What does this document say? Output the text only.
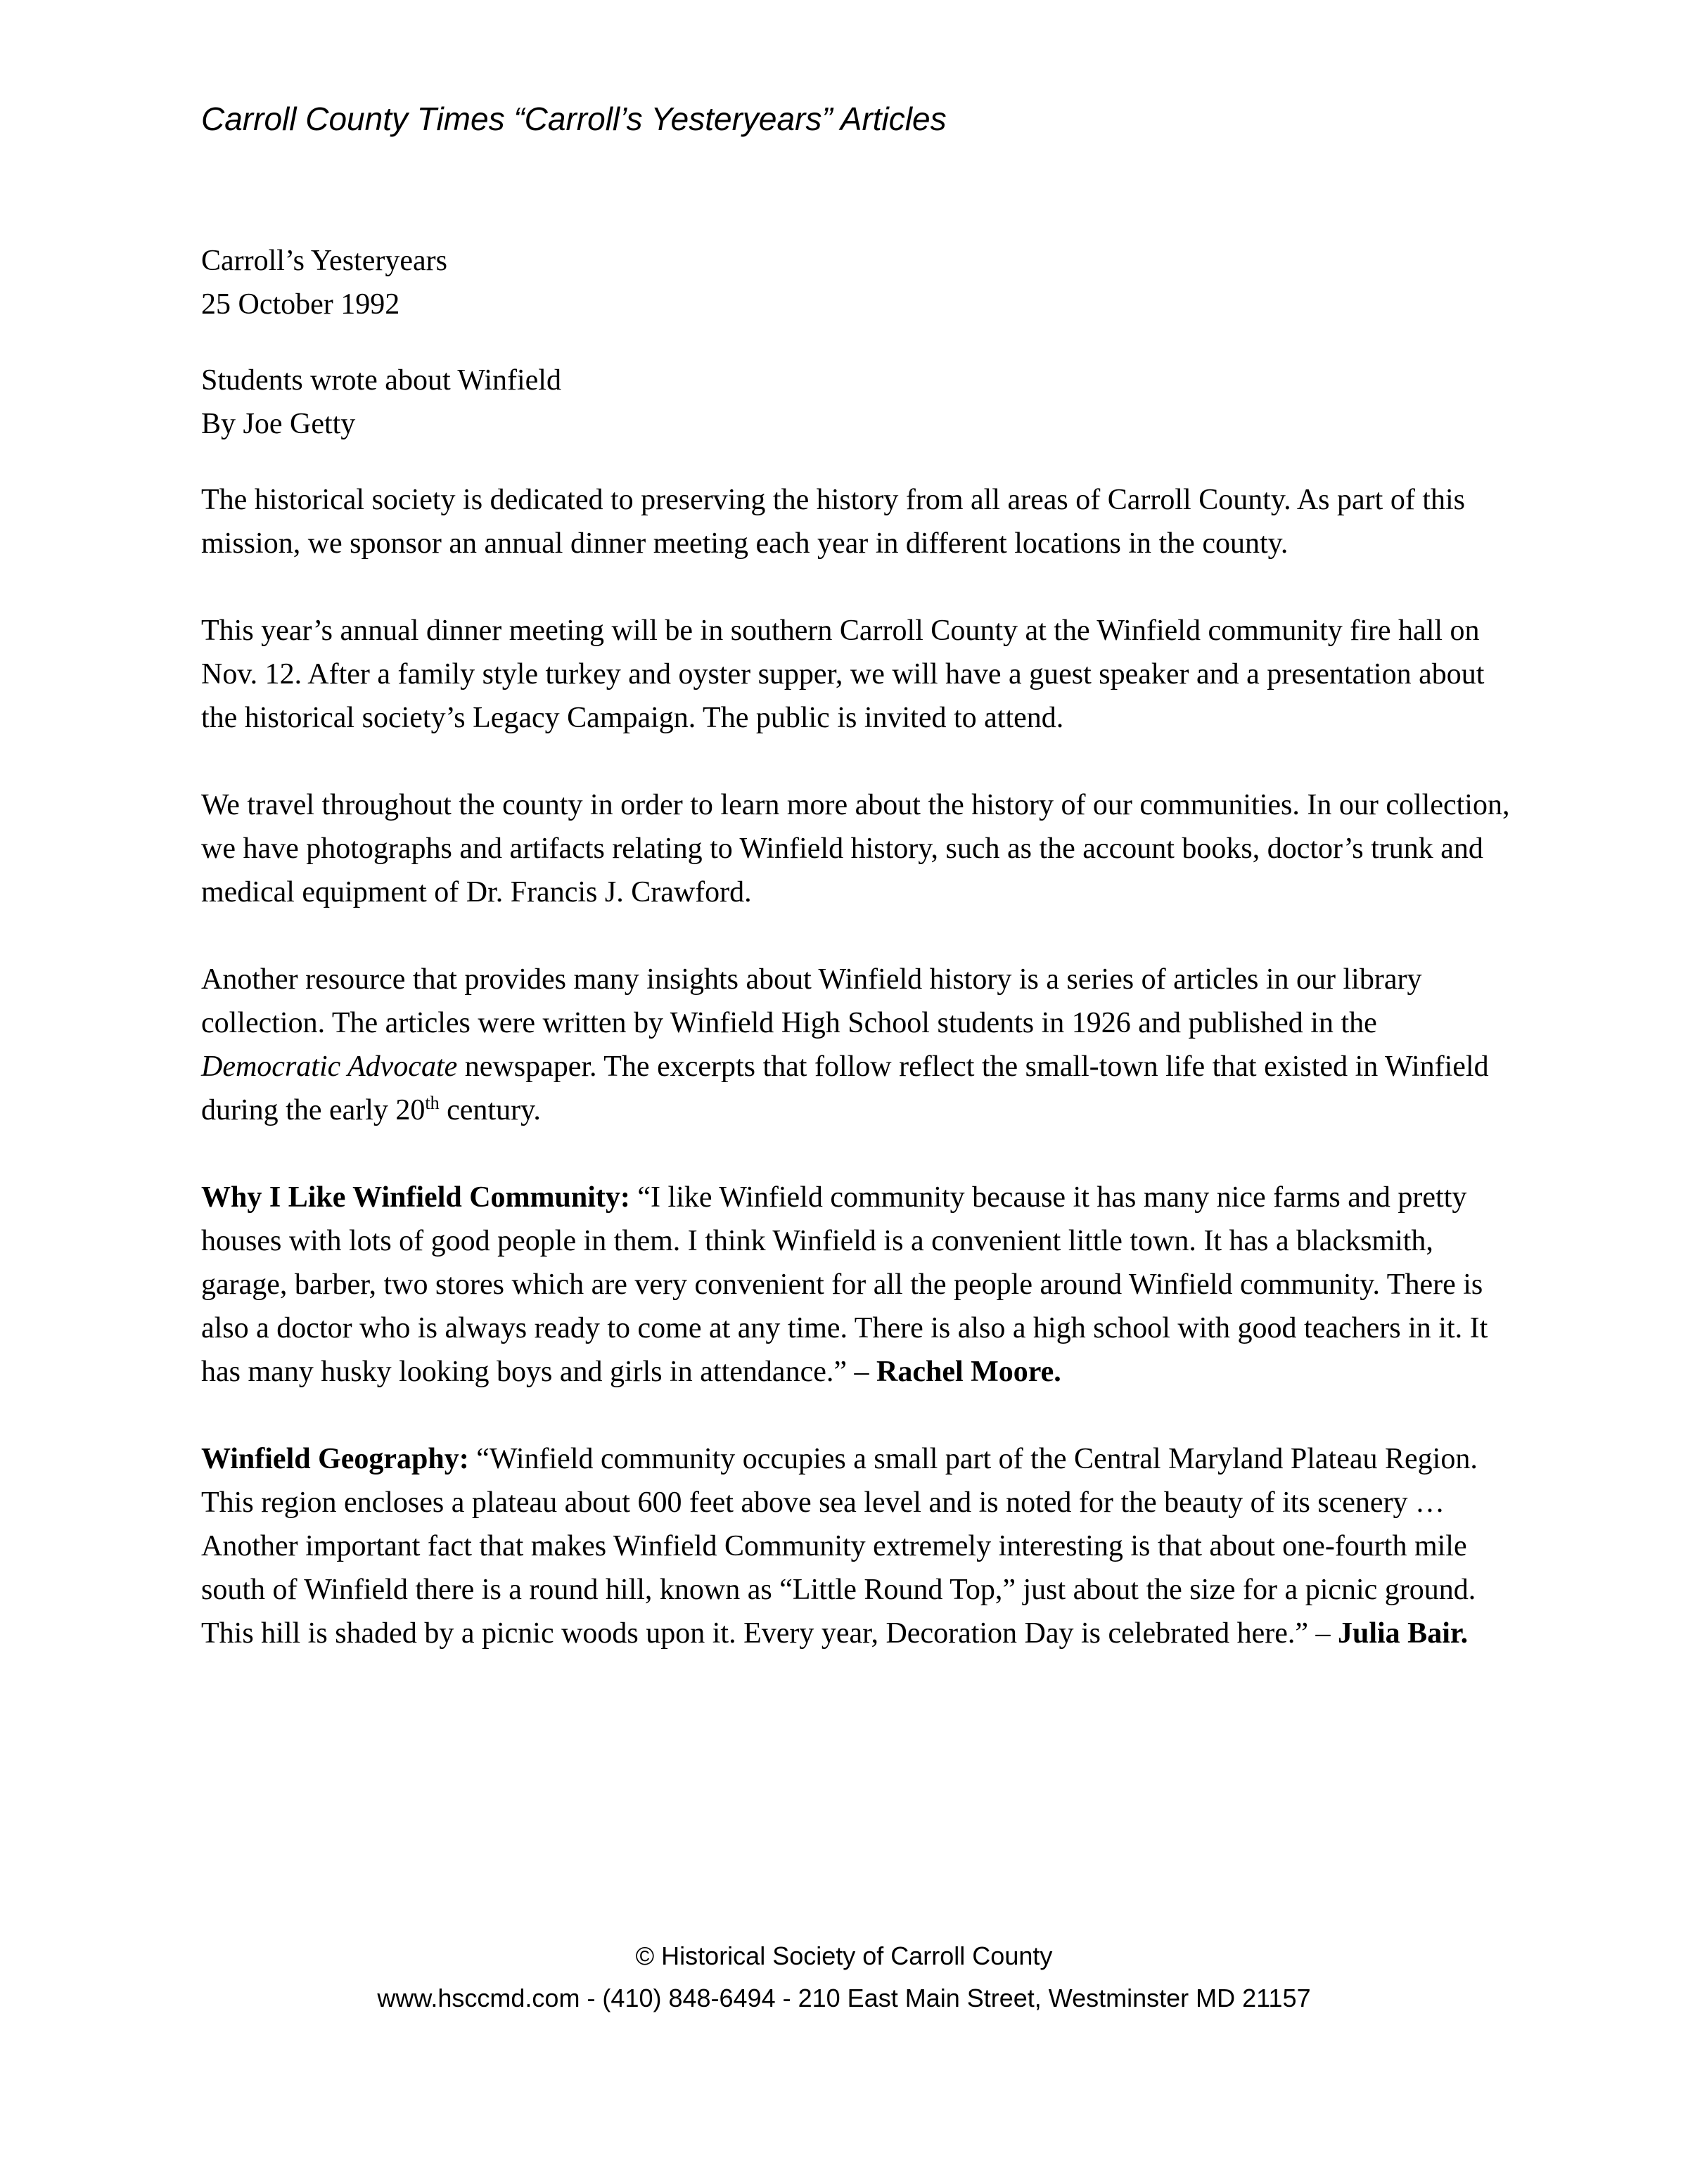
Carroll County Times “Carroll’s Yesteryears” Articles

Carroll’s Yesteryears
25 October 1992

Students wrote about Winfield
By Joe Getty

The historical society is dedicated to preserving the history from all areas of Carroll County. As part of this mission, we sponsor an annual dinner meeting each year in different locations in the county.

This year’s annual dinner meeting will be in southern Carroll County at the Winfield community fire hall on Nov. 12. After a family style turkey and oyster supper, we will have a guest speaker and a presentation about the historical society’s Legacy Campaign. The public is invited to attend.

We travel throughout the county in order to learn more about the history of our communities. In our collection, we have photographs and artifacts relating to Winfield history, such as the account books, doctor’s trunk and medical equipment of Dr. Francis J. Crawford.

Another resource that provides many insights about Winfield history is a series of articles in our library collection. The articles were written by Winfield High School students in 1926 and published in the Democratic Advocate newspaper. The excerpts that follow reflect the small-town life that existed in Winfield during the early 20th century.

Why I Like Winfield Community: “I like Winfield community because it has many nice farms and pretty houses with lots of good people in them. I think Winfield is a convenient little town. It has a blacksmith, garage, barber, two stores which are very convenient for all the people around Winfield community. There is also a doctor who is always ready to come at any time. There is also a high school with good teachers in it. It has many husky looking boys and girls in attendance.” – Rachel Moore.

Winfield Geography: “Winfield community occupies a small part of the Central Maryland Plateau Region. This region encloses a plateau about 600 feet above sea level and is noted for the beauty of its scenery … Another important fact that makes Winfield Community extremely interesting is that about one-fourth mile south of Winfield there is a round hill, known as “Little Round Top,” just about the size for a picnic ground. This hill is shaded by a picnic woods upon it. Every year, Decoration Day is celebrated here.” – Julia Bair.

© Historical Society of Carroll County

www.hsccmd.com - (410) 848-6494 - 210 East Main Street, Westminster MD 21157
